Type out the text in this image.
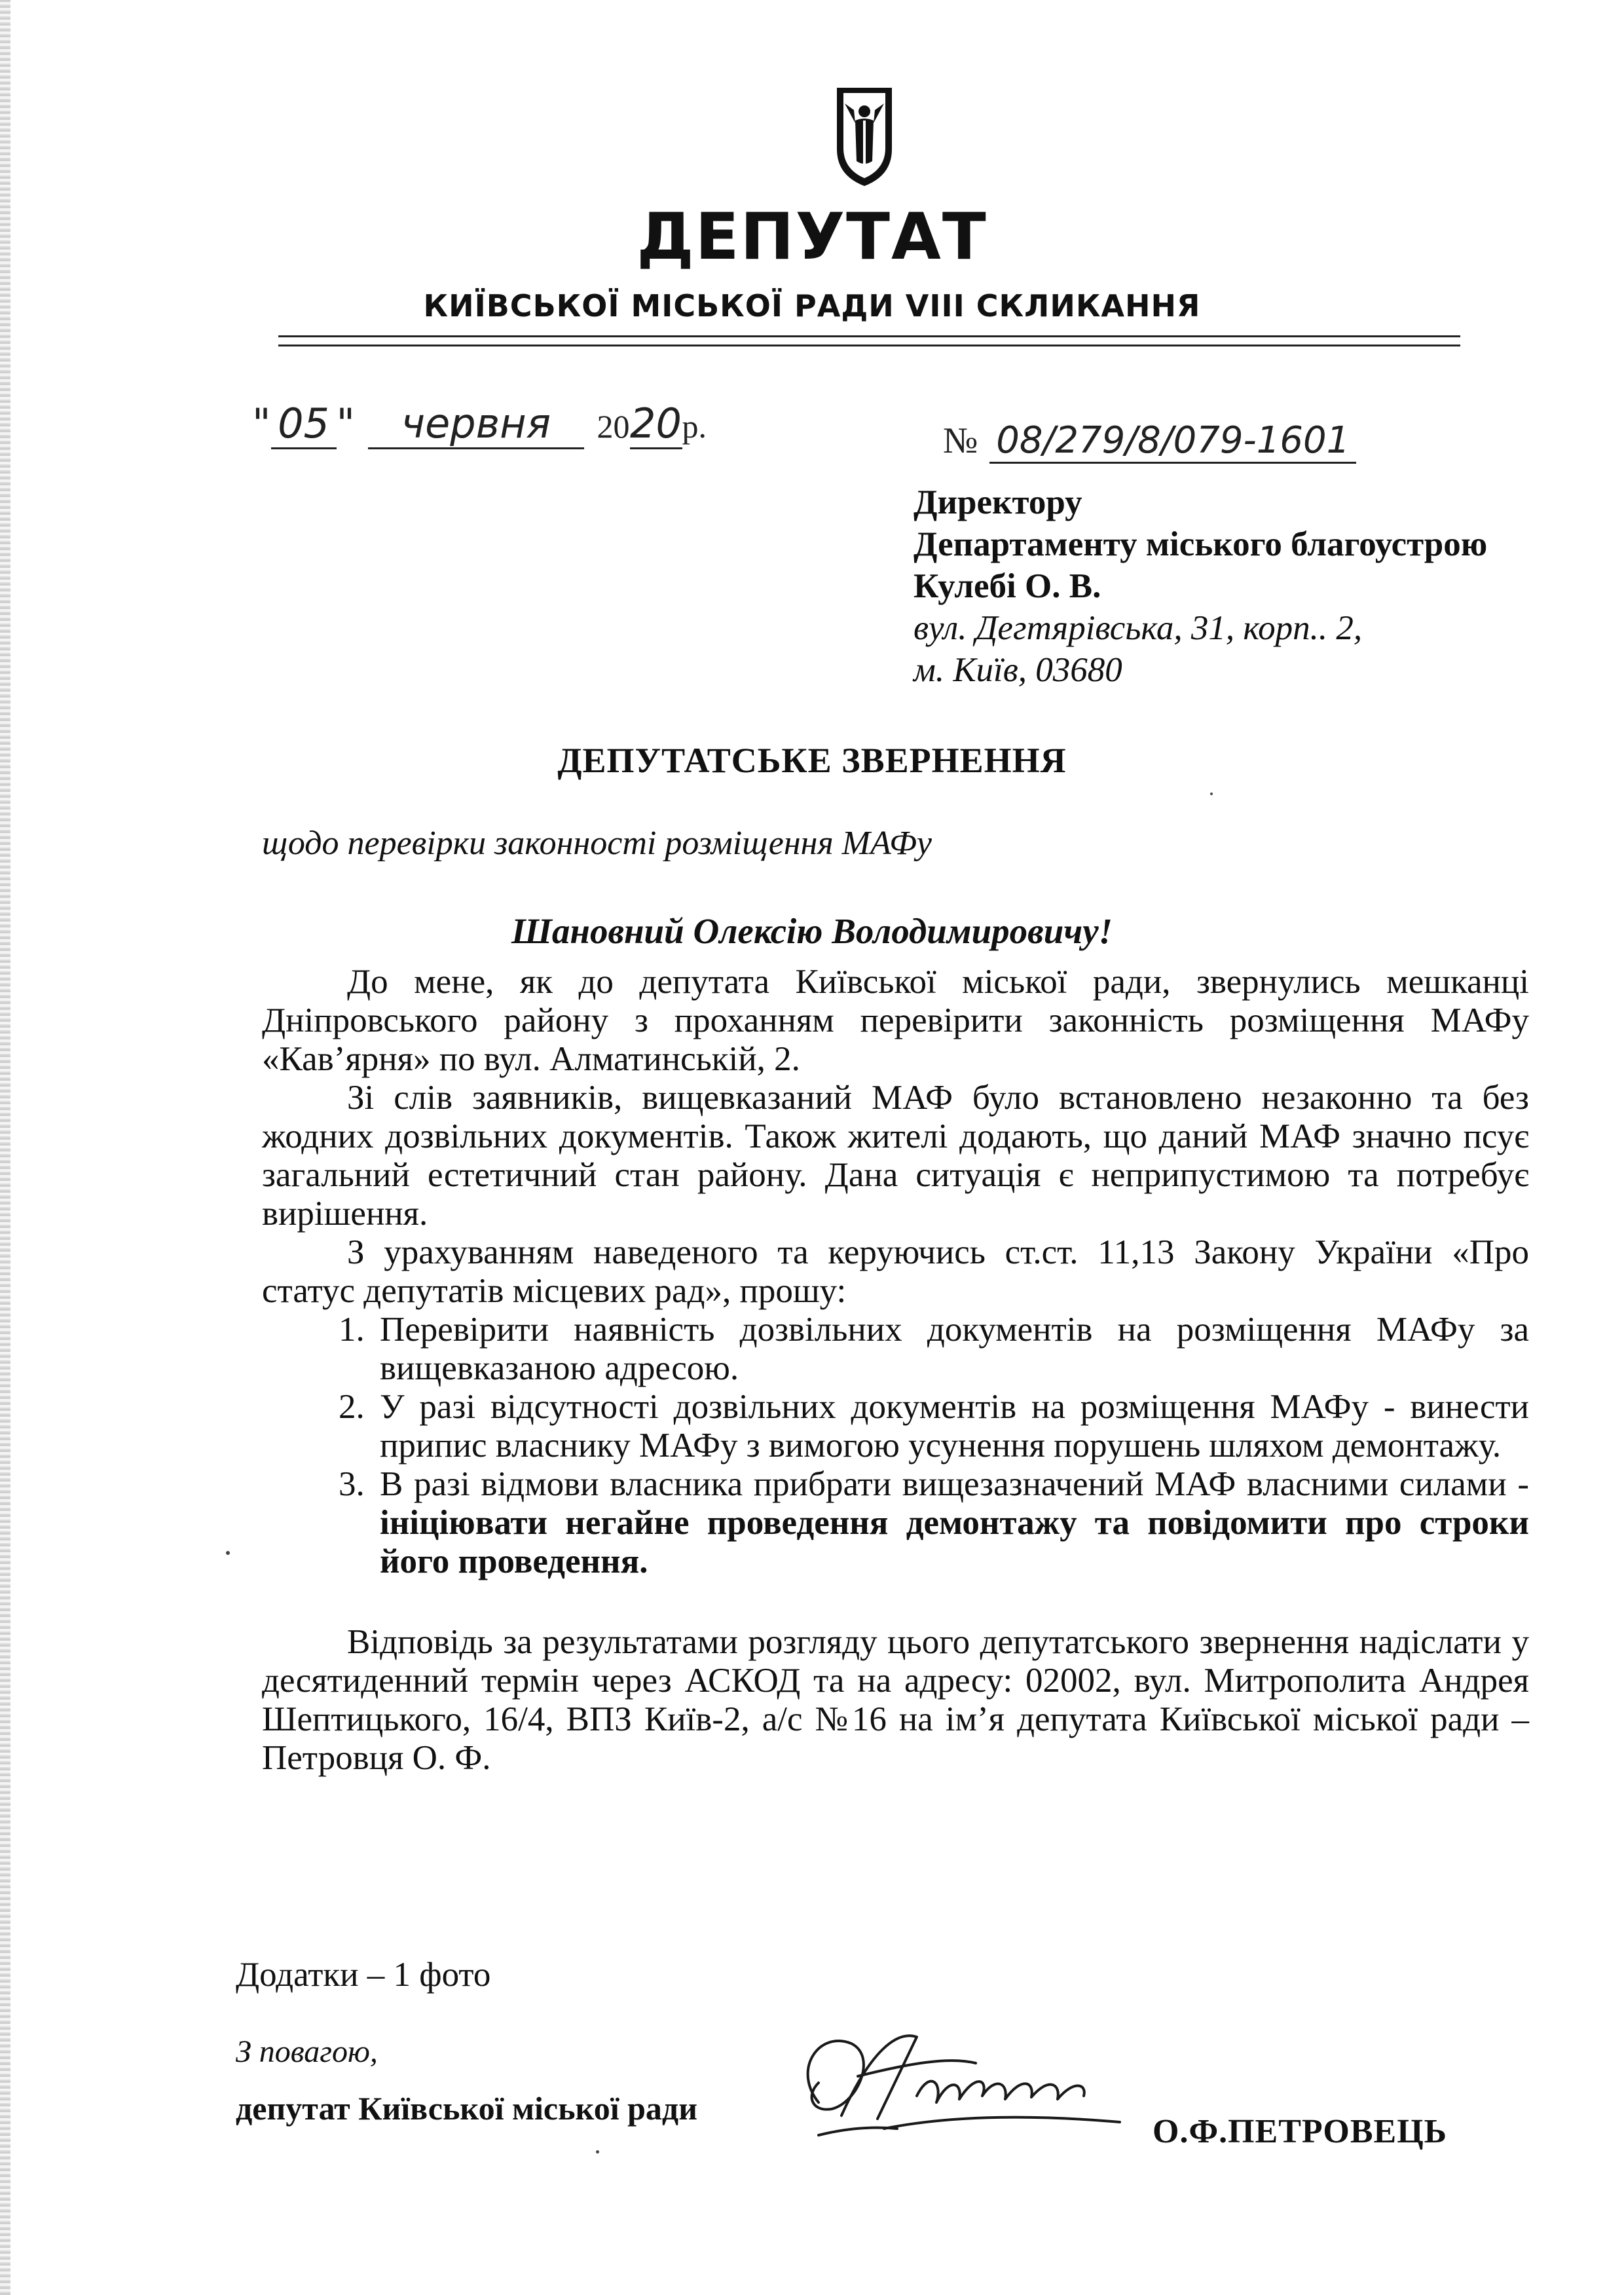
ДЕПУТАТ
КИЇВСЬКОЇ МІСЬКОЇ РАДИ VIII СКЛИКАННЯ
" 05 " червня 2020р.	№ 08/279/8/079-1601
Директору
Департаменту міського благоустрою
Кулебі О. В.
вул. Дегтярівська, 31, корп.. 2,
м. Київ, 03680
ДЕПУТАТСЬКЕ ЗВЕРНЕННЯ
щодо перевірки законності розміщення МАФу
Шановний Олексію Володимировичу!

До мене, як до депутата Київської міської ради, звернулись мешканці Дніпровського району з проханням перевірити законність розміщення МАФу «Кав’ярня» по вул. Алматинській, 2.

Зі слів заявників, вищевказаний МАФ було встановлено незаконно та без жодних дозвільних документів. Також жителі додають, що даний МАФ значно псує загальний естетичний стан району. Дана ситуація є неприпустимою та потребує вирішення.

З урахуванням наведеного та керуючись ст.ст. 11,13 Закону України «Про статус депутатів місцевих рад», прошу:

1. Перевірити наявність дозвільних документів на розміщення МАФу за вищевказаною адресою.
2. У разі відсутності дозвільних документів на розміщення МАФу - винести припис власнику МАФу з вимогою усунення порушень шляхом демонтажу.
3. В разі відмови власника прибрати вищезазначений МАФ власними силами - ініціювати негайне проведення демонтажу та повідомити про строки його проведення.

Відповідь за результатами розгляду цього депутатського звернення надіслати у десятиденний термін через АСКОД та на адресу: 02002, вул. Митрополита Андрея Шептицького, 16/4, ВПЗ Київ-2, а/с №16 на ім’я депутата Київської міської ради – Петровця О. Ф.

Додатки – 1 фото
З повагою,
депутат Київської міської ради
О.Ф.ПЕТРОВЕЦЬ
